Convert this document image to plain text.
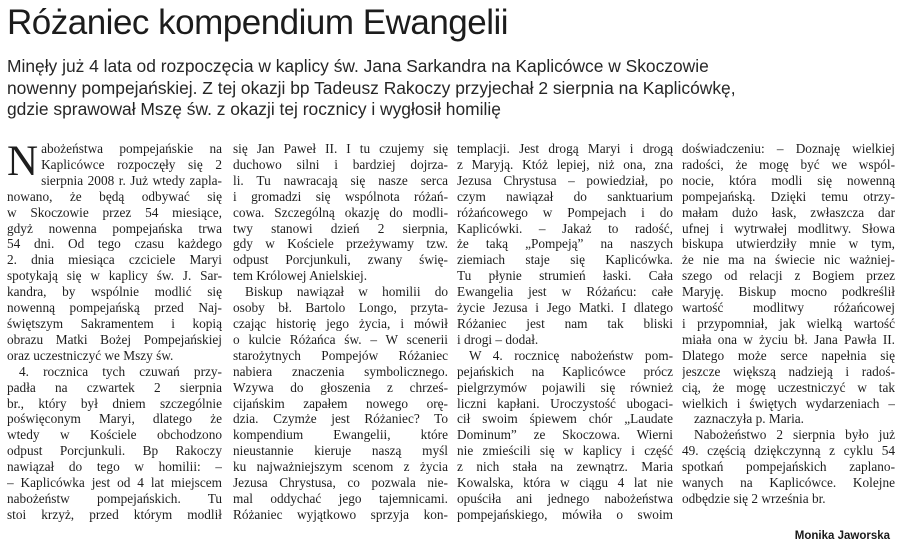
Różaniec kompendium Ewangelii
Minęły już 4 lata od rozpoczęcia w kaplicy św. Jana Sarkandra na Kaplicówce w Skoczowie
nowenny pompejańskiej. Z tej okazji bp Tadeusz Rakoczy przyjechał 2 sierpnia na Kaplicówkę,
gdzie sprawował Mszę św. z okazji tej rocznicy i wygłosił homilię
N abożeństwa pompejańskie na
Kaplicówce rozpoczęły się 2
sierpnia 2008 r. Już wtedy zapla-
nowano, że będą odbywać się
w Skoczowie przez 54 miesiące,
gdyż nowenna pompejańska trwa
54 dni. Od tego czasu każdego
2. dnia miesiąca czciciele Maryi
spotykają się w kaplicy św. J. Sar-
kandra, by wspólnie modlić się
nowenną pompejańską przed Naj-
świętszym Sakramentem i kopią
obrazu Matki Bożej Pompejańskiej
oraz uczestniczyć we Mszy św.
4. rocznica tych czuwań przy-
padła na czwartek 2 sierpnia
br., który był dniem szczególnie
poświęconym Maryi, dlatego że
wtedy w Kościele obchodzono
odpust Porcjunkuli. Bp Rakoczy
nawiązał do tego w homilii: –
– Kaplicówka jest od 4 lat miejscem
nabożeństw pompejańskich. Tu
stoi krzyż, przed którym modlił
się Jan Paweł II. I tu czujemy się
duchowo silni i bardziej dojrza-
li. Tu nawracają się nasze serca
i gromadzi się wspólnota różań-
cowa. Szczególną okazję do modli-
twy stanowi dzień 2 sierpnia,
gdy w Kościele przeżywamy tzw.
odpust Porcjunkuli, zwany świę-
tem Królowej Anielskiej.
Biskup nawiązał w homilii do
osoby bł. Bartolo Longo, przyta-
czając historię jego życia, i mówił
o kulcie Różańca św. – W scenerii
starożytnych Pompejów Różaniec
nabiera znaczenia symbolicznego.
Wzywa do głoszenia z chrześ-
cijańskim zapałem nowego orę-
dzia. Czymże jest Różaniec? To
kompendium Ewangelii, które
nieustannie kieruje naszą myśl
ku najważniejszym scenom z życia
Jezusa Chrystusa, co pozwala nie-
mal oddychać jego tajemnicami.
Różaniec wyjątkowo sprzyja kon-
templacji. Jest drogą Maryi i drogą
z Maryją. Któż lepiej, niż ona, zna
Jezusa Chrystusa – powiedział, po
czym nawiązał do sanktuarium
różańcowego w Pompejach i do
Kaplicówki. – Jakaż to radość,
że taką „Pompeją” na naszych
ziemiach staje się Kaplicówka.
Tu płynie strumień łaski. Cała
Ewangelia jest w Różańcu: całe
życie Jezusa i Jego Matki. I dlatego
Różaniec jest nam tak bliski
i drogi – dodał.
W 4. rocznicę nabożeństw pom-
pejańskich na Kaplicówce prócz
pielgrzymów pojawili się również
liczni kapłani. Uroczystość ubogaci-
cił swoim śpiewem chór „Laudate
Dominum” ze Skoczowa. Wierni
nie zmieścili się w kaplicy i część
z nich stała na zewnątrz. Maria
Kowalska, która w ciągu 4 lat nie
opuściła ani jednego nabożeństwa
pompejańskiego, mówiła o swoim
doświadczeniu: – Doznaję wielkiej
radości, że mogę być we wspól-
nocie, która modli się nowenną
pompejańską. Dzięki temu otrzy-
małam dużo łask, zwłaszcza dar
ufnej i wytrwałej modlitwy. Słowa
biskupa utwierdziły mnie w tym,
że nie ma na świecie nic ważniej-
szego od relacji z Bogiem przez
Maryję. Biskup mocno podkreślił
wartość modlitwy różańcowej
i przypomniał, jak wielką wartość
miała ona w życiu bł. Jana Pawła II.
Dlatego może serce napełnia się
jeszcze większą nadzieją i radoś-
cią, że mogę uczestniczyć w tak
wielkich i świętych wydarzeniach –
zaznaczyła p. Maria.
Nabożeństwo 2 sierpnia było już
49. częścią dziękczynną z cyklu 54
spotkań pompejańskich zaplano-
wanych na Kaplicówce. Kolejne
odbędzie się 2 września br.
Monika Jaworska
